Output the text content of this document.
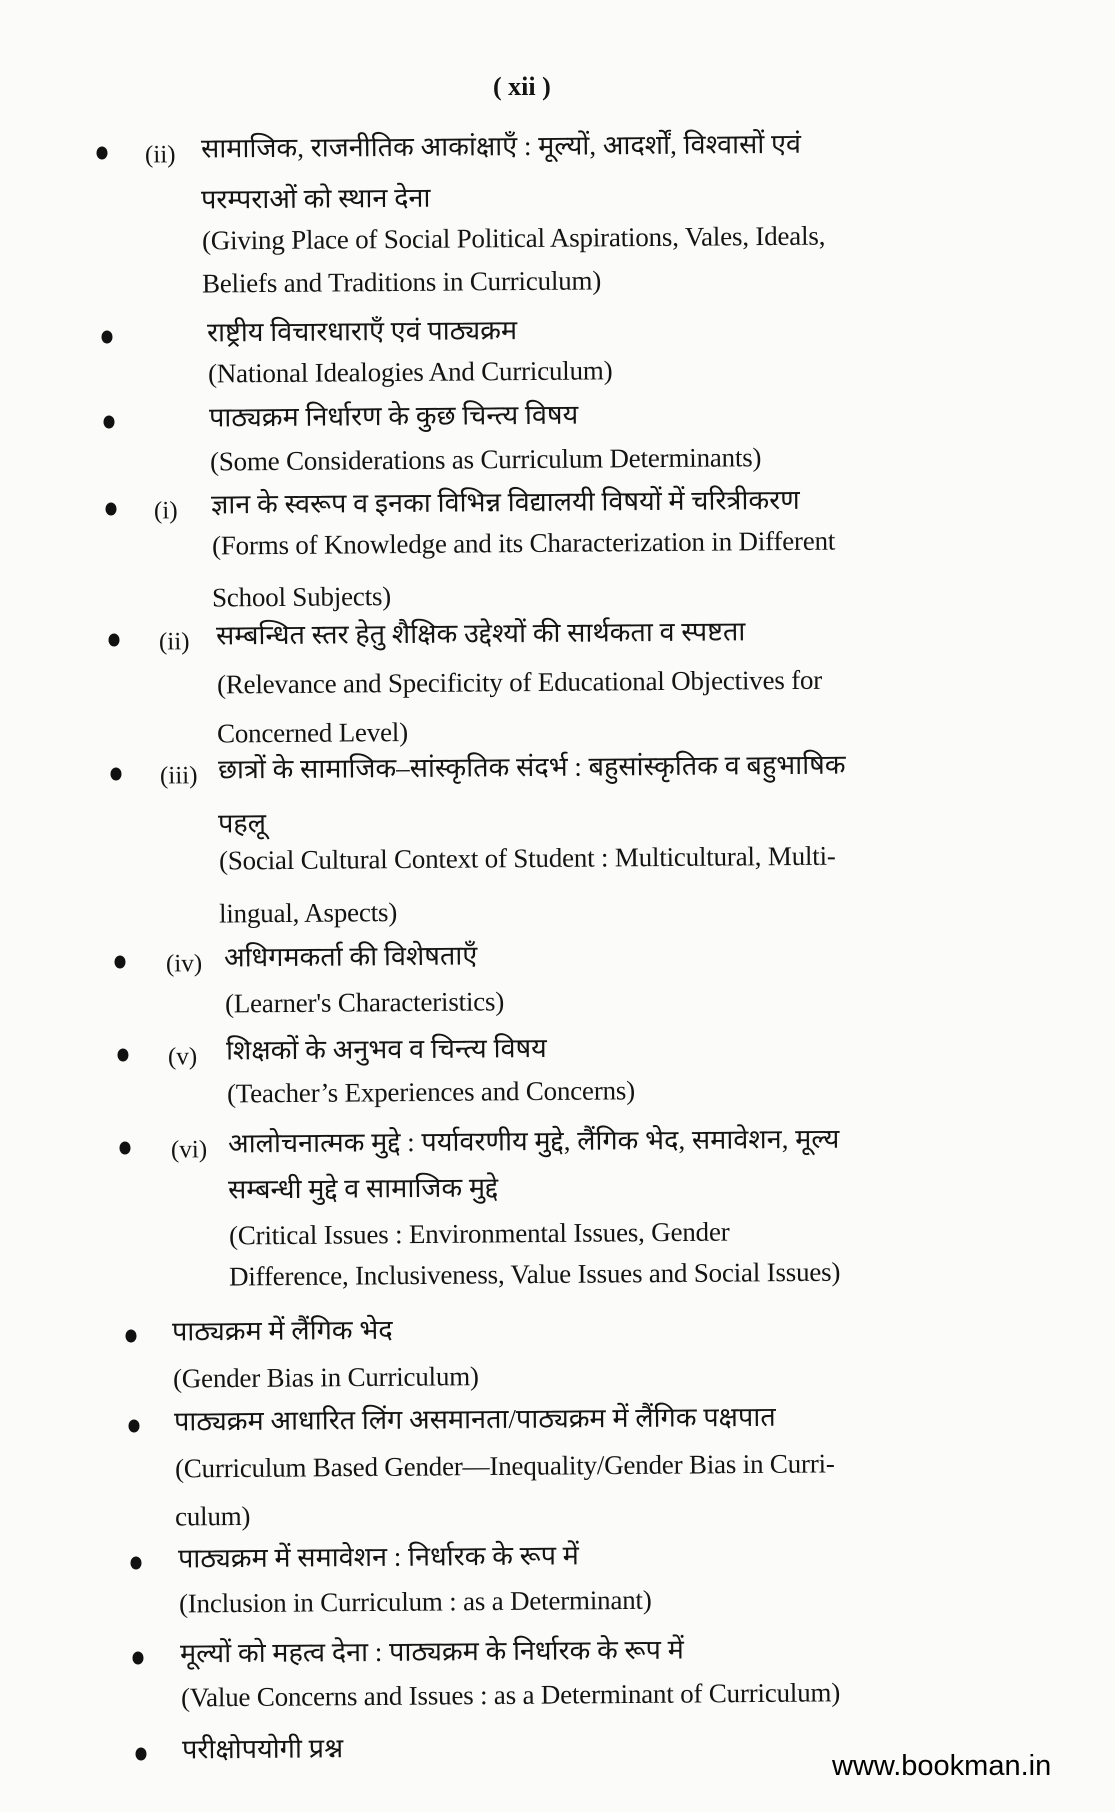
( xii )
(ii) सामाजिक, राजनीतिक आकांक्षाएँ : मूल्यों, आदर्शों, विश्वासों एवं
परम्पराओं को स्थान देना
(Giving Place of Social Political Aspirations, Vales, Ideals,
Beliefs and Traditions in Curriculum)
राष्ट्रीय विचारधाराएँ एवं पाठ्यक्रम
(National Idealogies And Curriculum)
पाठ्यक्रम निर्धारण के कुछ चिन्त्य विषय
(Some Considerations as Curriculum Determinants)
(i) ज्ञान के स्वरूप व इनका विभिन्न विद्यालयी विषयों में चरित्रीकरण
(Forms of Knowledge and its Characterization in Different
School Subjects)
(ii) सम्बन्धित स्तर हेतु शैक्षिक उद्देश्यों की सार्थकता व स्पष्टता
(Relevance and Specificity of Educational Objectives for
Concerned Level)
(iii) छात्रों के सामाजिक–सांस्कृतिक संदर्भ : बहुसांस्कृतिक व बहुभाषिक
पहलू
(Social Cultural Context of Student : Multicultural, Multi-
lingual, Aspects)
(iv) अधिगमकर्ता की विशेषताएँ
(Learner's Characteristics)
(v) शिक्षकों के अनुभव व चिन्त्य विषय
(Teacher’s Experiences and Concerns)
(vi) आलोचनात्मक मुद्दे : पर्यावरणीय मुद्दे, लैंगिक भेद, समावेशन, मूल्य
सम्बन्धी मुद्दे व सामाजिक मुद्दे
(Critical Issues : Environmental Issues, Gender
Difference, Inclusiveness, Value Issues and Social Issues)
पाठ्यक्रम में लैंगिक भेद
(Gender Bias in Curriculum)
पाठ्यक्रम आधारित लिंग असमानता/पाठ्यक्रम में लैंगिक पक्षपात
(Curriculum Based Gender—Inequality/Gender Bias in Curri-
culum)
पाठ्यक्रम में समावेशन : निर्धारक के रूप में
(Inclusion in Curriculum : as a Determinant)
मूल्यों को महत्व देना : पाठ्यक्रम के निर्धारक के रूप में
(Value Concerns and Issues : as a Determinant of Curriculum)
परीक्षोपयोगी प्रश्न
www.bookman.in
